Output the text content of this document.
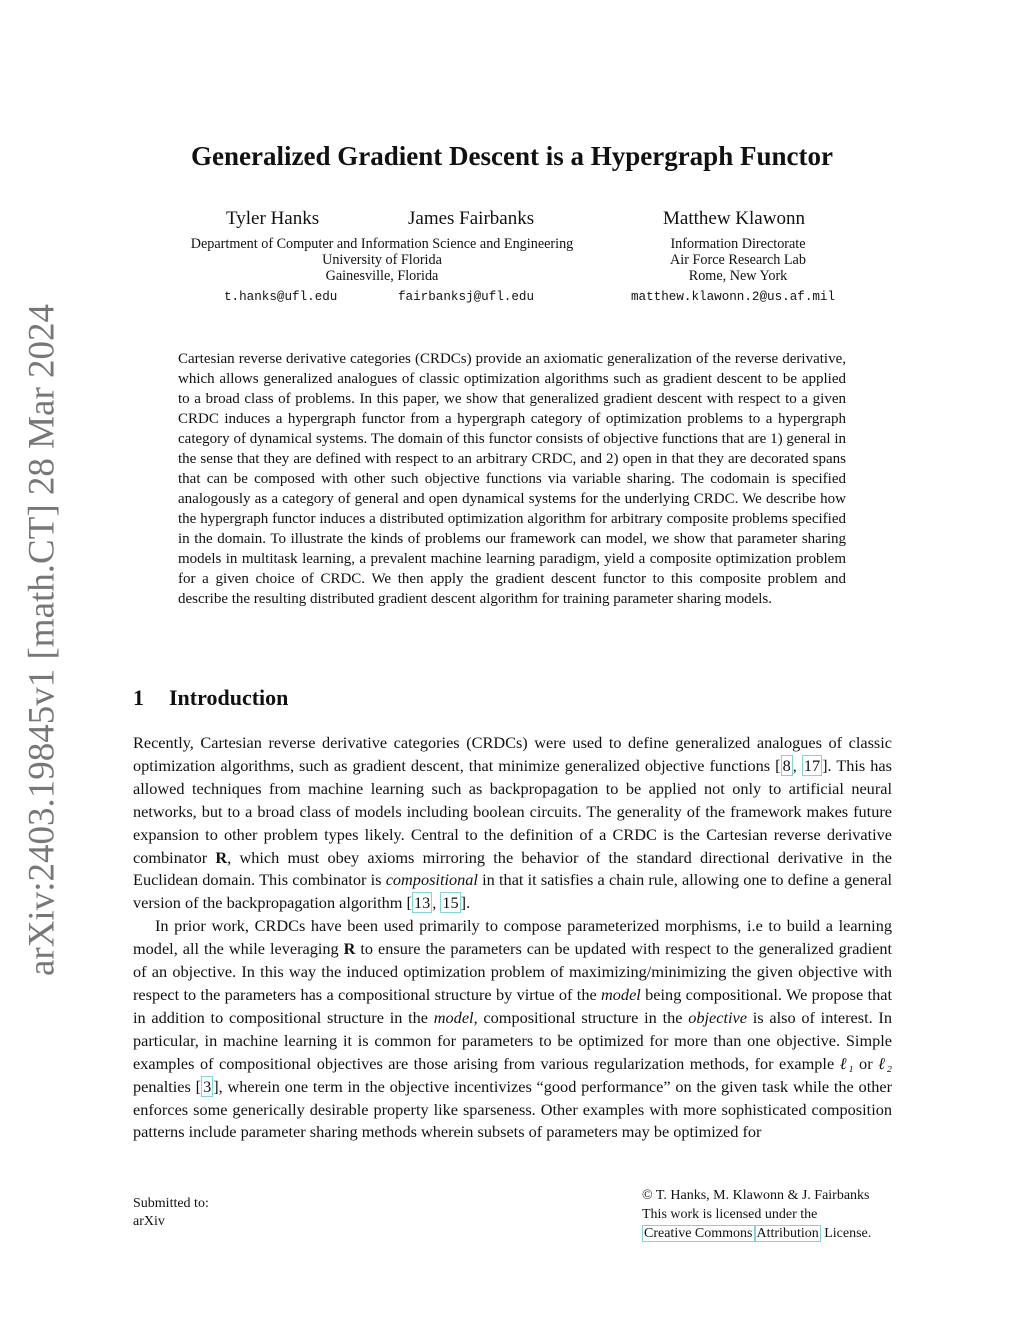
arXiv:2403.19845v1 [math.CT] 28 Mar 2024
Generalized Gradient Descent is a Hypergraph Functor
Tyler Hanks	James Fairbanks	Matthew Klawonn
Department of Computer and Information Science and Engineering
University of Florida
Gainesville, Florida
Information Directorate
Air Force Research Lab
Rome, New York
t.hanks@ufl.edu	fairbanksj@ufl.edu	matthew.klawonn.2@us.af.mil
Cartesian reverse derivative categories (CRDCs) provide an axiomatic generalization of the reverse derivative, which allows generalized analogues of classic optimization algorithms such as gradient descent to be applied to a broad class of problems. In this paper, we show that generalized gradient descent with respect to a given CRDC induces a hypergraph functor from a hypergraph category of optimization problems to a hypergraph category of dynamical systems. The domain of this functor consists of objective functions that are 1) general in the sense that they are defined with respect to an arbitrary CRDC, and 2) open in that they are decorated spans that can be composed with other such objective functions via variable sharing. The codomain is specified analogously as a category of general and open dynamical systems for the underlying CRDC. We describe how the hypergraph functor induces a distributed optimization algorithm for arbitrary composite problems specified in the domain. To illustrate the kinds of problems our framework can model, we show that parameter sharing models in multitask learning, a prevalent machine learning paradigm, yield a composite optimization problem for a given choice of CRDC. We then apply the gradient descent functor to this composite problem and describe the resulting distributed gradient descent algorithm for training parameter sharing models.
1 Introduction

Recently, Cartesian reverse derivative categories (CRDCs) were used to define generalized analogues of classic optimization algorithms, such as gradient descent, that minimize generalized objective functions [ 8 , 17 ]. This has allowed techniques from machine learning such as backpropagation to be applied not only to artificial neural networks, but to a broad class of models including boolean circuits. The generality of the framework makes future expansion to other problem types likely. Central to the definition of a CRDC is the Cartesian reverse derivative combinator R, which must obey axioms mirroring the behavior of the standard directional derivative in the Euclidean domain. This combinator is compositional in that it satisfies a chain rule, allowing one to define a general version of the backpropagation algorithm [ 13 , 15 ].

In prior work, CRDCs have been used primarily to compose parameterized morphisms, i.e to build a learning model, all the while leveraging R to ensure the parameters can be updated with respect to the generalized gradient of an objective. In this way the induced optimization problem of maximizing/minimizing the given objective with respect to the parameters has a compositional structure by virtue of the model being compositional. We propose that in addition to compositional structure in the model, compositional structure in the objective is also of interest. In particular, in machine learning it is common for parameters to be optimized for more than one objective. Simple examples of compositional objectives are those arising from various regularization methods, for example ℓ₁ or ℓ₂ penalties [ 3 ], wherein one term in the objective incentivizes “good performance” on the given task while the other enforces some generically desirable property like sparseness. Other examples with more sophisticated composition patterns include parameter sharing methods wherein subsets of parameters may be optimized for

Submitted to:
arXiv
© T. Hanks, M. Klawonn & J. Fairbanks
This work is licensed under the
Creative Commons Attribution License.
